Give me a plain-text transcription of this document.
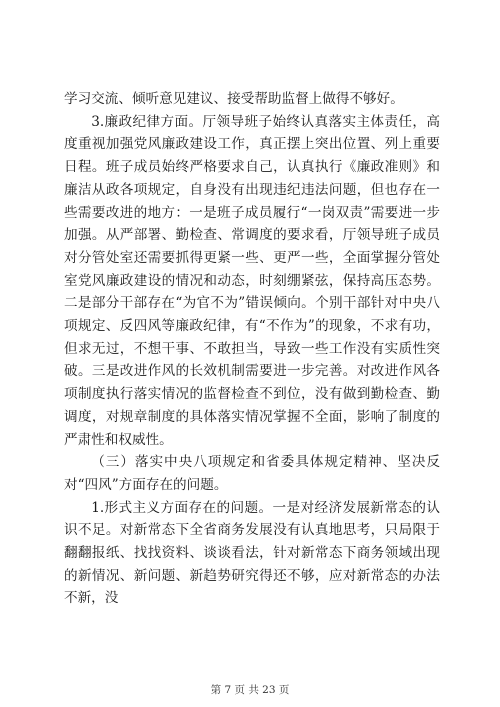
学习交流、倾听意见建议、接受帮助监督上做得不够好。

3.廉政纪律方面。厅领导班子始终认真落实主体责任，高度重视加强党风廉政建设工作，真正摆上突出位置、列上重要日程。班子成员始终严格要求自己，认真执行《廉政准则》和廉洁从政各项规定，自身没有出现违纪违法问题，但也存在一些需要改进的地方：一是班子成员履行“一岗双责”需要进一步加强。从严部署、勤检查、常调度的要求看，厅领导班子成员对分管处室还需要抓得更紧一些、更严一些，全面掌握分管处室党风廉政建设的情况和动态，时刻绷紧弦，保持高压态势。二是部分干部存在“为官不为”错误倾向。个别干部针对中央八项规定、反四风等廉政纪律，有“不作为”的现象，不求有功，但求无过，不想干事、不敢担当，导致一些工作没有实质性突破。三是改进作风的长效机制需要进一步完善。对改进作风各项制度执行落实情况的监督检查不到位，没有做到勤检查、勤调度，对规章制度的具体落实情况掌握不全面，影响了制度的严肃性和权威性。

（三）落实中央八项规定和省委具体规定精神、坚决反对“四风”方面存在的问题。

1.形式主义方面存在的问题。一是对经济发展新常态的认识不足。对新常态下全省商务发展没有认真地思考，只局限于翻翻报纸、找找资料、谈谈看法，针对新常态下商务领域出现的新情况、新问题、新趋势研究得还不够，应对新常态的办法不新，没

第 7 页 共 23 页
